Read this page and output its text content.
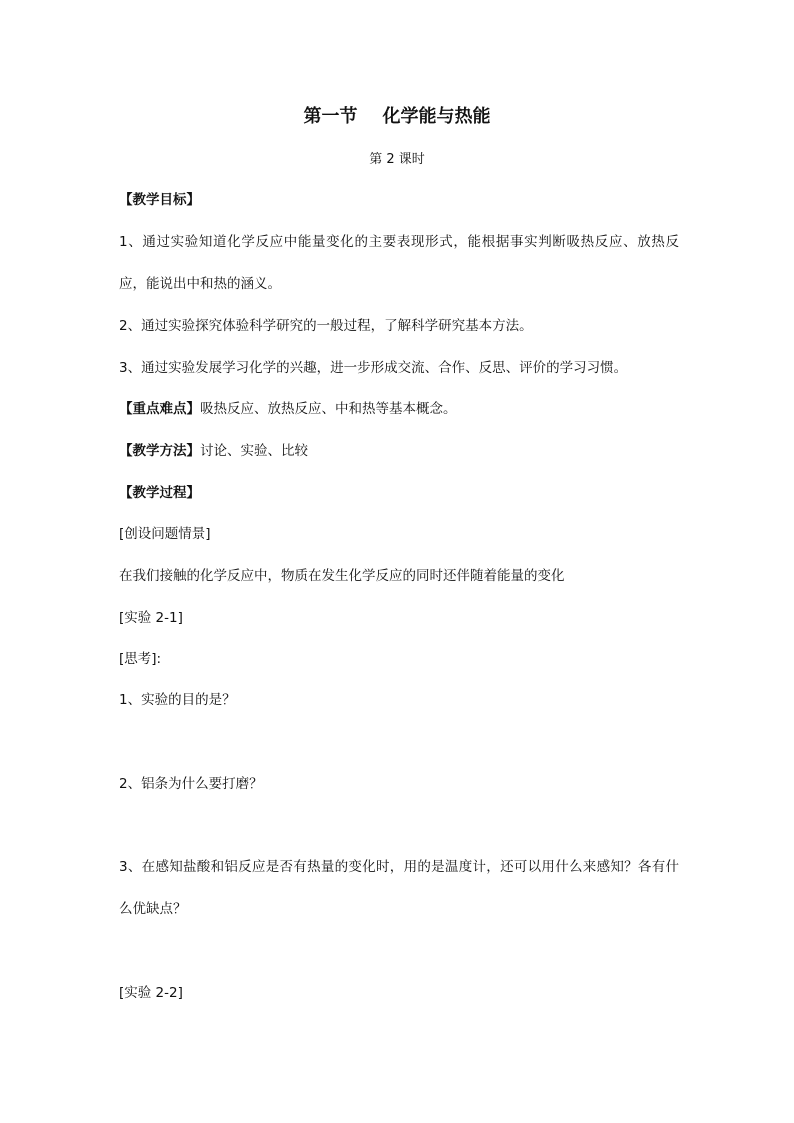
第一节    化学能与热能
第 2 课时
【教学目标】
1、通过实验知道化学反应中能量变化的主要表现形式，能根据事实判断吸热反应、放热反应，能说出中和热的涵义。
2、通过实验探究体验科学研究的一般过程，了解科学研究基本方法。
3、通过实验发展学习化学的兴趣，进一步形成交流、合作、反思、评价的学习习惯。
【重点难点】吸热反应、放热反应、中和热等基本概念。
【教学方法】讨论、实验、比较
【教学过程】
[创设问题情景]
在我们接触的化学反应中，物质在发生化学反应的同时还伴随着能量的变化
[实验 2-1]
[思考]:
1、实验的目的是？
2、铝条为什么要打磨？
3、在感知盐酸和铝反应是否有热量的变化时，用的是温度计，还可以用什么来感知？各有什么优缺点？
[实验 2-2]
